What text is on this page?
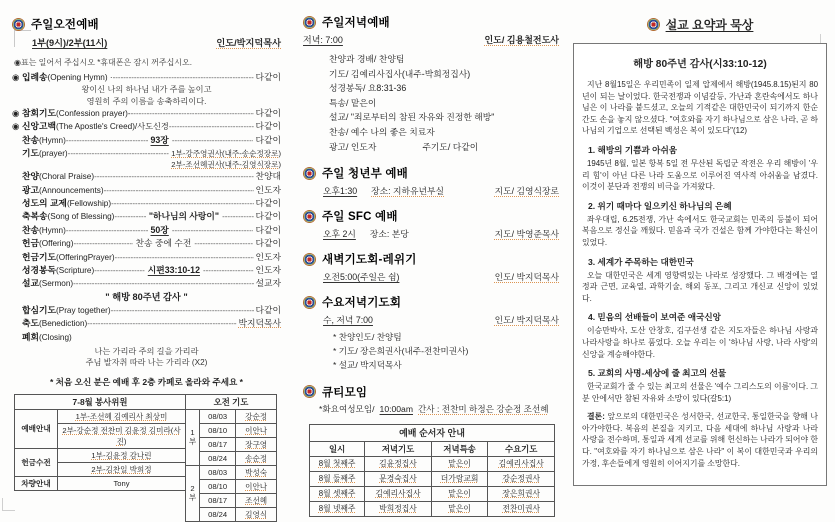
주일오전예배
1부(9시)/2부(11시)	인도/박지덕목사
◉표는 일어서 주십시오 *휴대폰은 잠시 꺼주십시오.
◉ 입례송 (Opening Hymn) · -----	다같이
왕이신 나의 하나님 내가 주를 높이고
영원히 주의 이름을 송축하리이다.
◉ 참회기도 (Confession prayer)- -----	다같이
◉ 신앙고백 (The Apostle's Creed)/사도신경 -----	다같이
찬송 (Hymn) -----	93장 -----	다같이
기도 (prayer) -----	1부-강주영권사(내주-송순정장로)
2부-조선혜권사(내주-김영식장로)
찬양 (Choral Praise) -----	찬양대
광고 (Announcements) -----	인도자
성도의 교제 (Fellowship) -----	다같이
축복송 (Song of Blessing) -----	"하나님의 사랑이" -----	다같이
찬송 (Hymn) -----	50장 -----	다같이
헌금 (Offering) -----	찬송 중에 수전 -----	다같이
헌금기도 (OfferingPrayer) -----	인도자
성경봉독 (Scripture) -----	시편33:10-12 -----	인도자
설교 (Sermon) -----	설교자
" 해방 80주년 감사 "
합심기도 (Pray together) -----	다같이
축도 (Benediction) -----	박지덕목사
폐회 (Closing)
나는 가리라 주의 길을 가리라
주님 발자취 따라 나는 가리라 (X2)
* 처음 오신 분은 예배 후 2층 카페로 올라와 주세요 *
7-8월 봉사위원	
예배안내	1부-조선혜 김예리사 최상미
	2부-강순정 전찬미 김윤정 김미라(사진)
헌금수전	1부-김윤정 감나린
	2부-김찬일 박희정
차량안내	Tony
오전 기도		
1부	08/03	강순정
	08/10	이안나
	08/17	장구영
	08/24	송순정
2부	08/03	박성숙
	08/10	이안나
	08/17	조선혜
	08/24	김영식
주일저녁예배
저녁: 7:00	인도/ 김용철전도사
찬양과 경배/ 찬양팀
기도/ 김예리사집사(내주-박희정집사)
성경봉독/ 요8:31-36
특송/ 맡은이
설교/ "죄로부터의 참된 자유와 진정한 해방"
찬송/ 예수 나의 좋은 치료자
광고/ 인도자	주기도/ 다같이
주일 청년부 예배
오후1:30 장소: 지하유년부실	지도/ 김영식장로
주일 SFC 예배
오후 2시 장소: 본당	지도/ 박영준목사
새벽기도회-레위기
오전5:00(주일은 쉼)	인도/ 박지덕목사
수요저녁기도회
수, 저녁 7:00	인도/ 박지덕목사
* 찬양인도/ 찬양팀
* 기도/ 장은희권사(내주-전찬미권사)
* 설교/ 박지덕목사
큐티모임
*화요여성모임/ 10:00am 간사 : 전찬미 하정은 강순정 조선혜
예배 순서자 안내			
일시	저녁기도	저녁특송	수요기도
8월 첫째주	김윤정집사	맡은이	김예리사집사
8월 둘째주	문경숙집사	더가람교회	강순정권사
8월 셋째주	김예리사집사	맡은이	장은희권사
8월 넷째주	박희정집사	맡은이	전찬미권사
설교 요약과 묵상
해방 80주년 감사(시33:10-12)

지난 8월15일은 우리민족이 일제 압제에서 해방(1945.8.15)된지 80년이 되는 날이었다. 한국전쟁과 이념갈등, 가난과 혼란속에서도 하나님은 이 나라를 붙드셨고, 오늘의 기적같은 대한민국이 되기까지 한순간도 손을 놓지 않으셨다. "여호와를 자기 하나님으로 삼은 나라, 곧 하나님의 기업으로 선택된 백성은 복이 있도다"(12)

1. 해방의 기쁨과 아쉬움

1945년 8월, 일본 항복 5일 전 무산된 독립군 작전은 우리 해방이 '우리 힘'이 아닌 다른 나라 도움으로 이루어진 역사적 아쉬움을 남겼다. 이것이 분단과 전쟁의 비극을 가져왔다.

2. 위기 때마다 일으키신 하나님의 은혜

좌우대립, 6.25전쟁, 가난 속에서도 한국교회는 민족의 등불이 되어 복음으로 정신을 깨웠다. 믿음과 국가 건설은 함께 가야한다는 확신이 있었다.

3. 세계가 주목하는 대한민국

오늘 대한민국은 세계 영향력있는 나라로 성장했다. 그 배경에는 열정과 근면, 교육열, 과학기술, 해외 동포, 그리고 개신교 신앙이 있었다.

4. 믿음의 선배들이 보여준 애국신앙

이승만박사, 도산 안창호, 김구선생 같은 지도자들은 하나님 사랑과 나라사랑을 하나로 품었다. 오늘 우리는 이 '하나님 사랑, 나라 사랑'의 신앙을 계승해야한다.

5. 교회의 사명-세상에 줄 최고의 선물

한국교회가 줄 수 있는 최고의 선물은 '예수 그리스도의 이름'이다. 그분 안에서만 참된 자유와 소망이 있다(갈5:1)

결론: 앞으로의 대한민국은 성서한국, 선교한국, 통일한국을 향해 나아가야한다. 복음의 본질을 지키고, 다음 세대에 하나님 사랑과 나라 사랑을 전수하며, 통일과 세계 선교를 위해 헌신하는 나라가 되어야 한다. "여호와를 자기 하나님으로 삼은 나라" 이 복이 대한민국과 우리의 가정, 후손들에게 영원히 이어지기를 소망한다.
